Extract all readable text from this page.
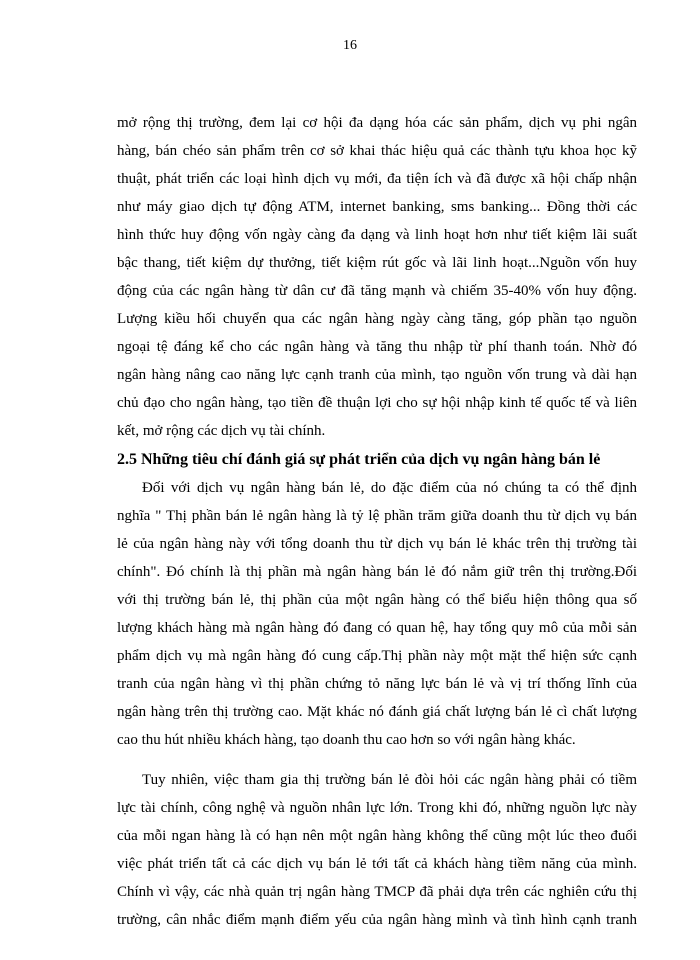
16
mở rộng thị trường, đem lại cơ hội đa dạng hóa các sản phẩm, dịch vụ phi ngân
hàng, bán chéo sản phẩm trên cơ sở khai thác hiệu quả các thành tựu khoa học kỹ
thuật, phát triển các loại hình dịch vụ mới, đa tiện ích và đã được xã hội chấp nhận
như máy giao dịch tự động ATM, internet banking, sms banking... Đồng thời các
hình thức huy động vốn ngày càng đa dạng và linh hoạt hơn như tiết kiệm lãi suất
bậc thang, tiết kiệm dự thưởng, tiết kiệm rút gốc và lãi linh hoạt...Nguồn vốn huy
động của các ngân hàng từ dân cư đã tăng mạnh và chiếm 35-40% vốn huy động.
Lượng kiều hối chuyển qua các ngân hàng ngày càng tăng, góp phần tạo nguồn
ngoại tệ đáng kể cho các ngân hàng và tăng thu nhập từ phí thanh toán. Nhờ đó
ngân hàng nâng cao năng lực cạnh tranh của mình, tạo nguồn vốn trung và dài hạn
chủ đạo cho ngân hàng, tạo tiền đề thuận lợi cho sự hội nhập kinh tế quốc tế và liên
kết, mở rộng các dịch vụ tài chính.
2.5 Những tiêu chí đánh giá sự phát triển của dịch vụ ngân hàng bán lẻ
Đối với dịch vụ ngân hàng bán lẻ, do đặc điểm của nó chúng ta có thể định
nghĩa " Thị phần bán lẻ ngân hàng là tỷ lệ phần trăm giữa doanh thu từ dịch vụ bán
lẻ của ngân hàng này với tổng doanh thu từ dịch vụ bán lẻ khác trên thị trường tài
chính". Đó chính là thị phần mà ngân hàng bán lẻ đó nắm giữ trên thị trường.Đối
với thị trường bán lẻ, thị phần của một ngân hàng có thể biểu hiện thông qua số
lượng khách hàng mà ngân hàng đó đang có quan hệ, hay tổng quy mô của mỗi sản
phẩm dịch vụ mà ngân hàng đó cung cấp.Thị phần này một mặt thể hiện sức cạnh
tranh của ngân hàng vì thị phần chứng tỏ năng lực bán lẻ và vị trí thống lĩnh của
ngân hàng trên thị trường cao. Mặt khác nó đánh giá chất lượng bán lẻ cì chất lượng
cao thu hút nhiều khách hàng, tạo doanh thu cao hơn so với ngân hàng khác.
Tuy nhiên, việc tham gia thị trường bán lẻ đòi hỏi các ngân hàng phải có tiềm
lực tài chính, công nghệ và nguồn nhân lực lớn. Trong khi đó, những nguồn lực này
của mỗi ngan hàng là có hạn nên một ngân hàng không thể cũng một lúc theo đuổi
việc phát triển tất cả các dịch vụ bán lẻ tới tất cả khách hàng tiềm năng của mình.
Chính vì vậy, các nhà quản trị ngân hàng TMCP đã phải dựa trên các nghiên cứu thị
trường, cân nhắc điểm mạnh điểm yếu của ngân hàng mình và tình hình cạnh tranh
